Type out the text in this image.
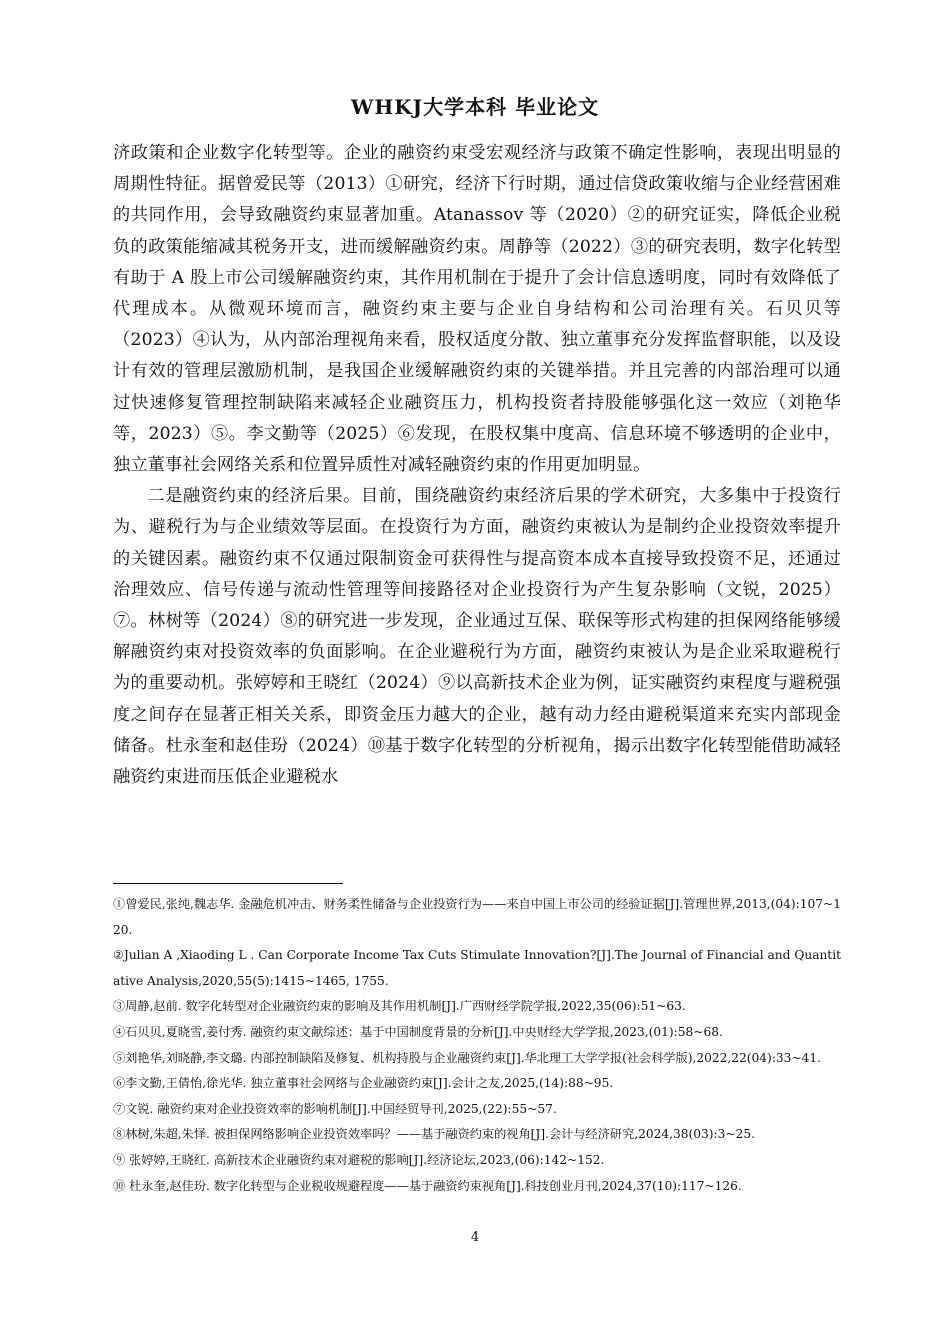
WHKJ大学本科 毕业论文

济政策和企业数字化转型等。企业的融资约束受宏观经济与政策不确定性影响，表现出明显的周期性特征。据曾爱民等（2013）①研究，经济下行时期，通过信贷政策收缩与企业经营困难的共同作用，会导致融资约束显著加重。Atanassov 等（2020）②的研究证实，降低企业税负的政策能缩减其税务开支，进而缓解融资约束。周静等（2022）③的研究表明，数字化转型有助于 A 股上市公司缓解融资约束，其作用机制在于提升了会计信息透明度，同时有效降低了代理成本。从微观环境而言，融资约束主要与企业自身结构和公司治理有关。石贝贝等（2023）④认为，从内部治理视角来看，股权适度分散、独立董事充分发挥监督职能，以及设计有效的管理层激励机制，是我国企业缓解融资约束的关键举措。并且完善的内部治理可以通过快速修复管理控制缺陷来减轻企业融资压力，机构投资者持股能够强化这一效应（刘艳华等，2023）⑤。李文勤等（2025）⑥发现，在股权集中度高、信息环境不够透明的企业中，独立董事社会网络关系和位置异质性对减轻融资约束的作用更加明显。

二是融资约束的经济后果。目前，围绕融资约束经济后果的学术研究，大多集中于投资行为、避税行为与企业绩效等层面。在投资行为方面，融资约束被认为是制约企业投资效率提升的关键因素。融资约束不仅通过限制资金可获得性与提高资本成本直接导致投资不足，还通过治理效应、信号传递与流动性管理等间接路径对企业投资行为产生复杂影响（文锐，2025）⑦。林树等（2024）⑧的研究进一步发现，企业通过互保、联保等形式构建的担保网络能够缓解融资约束对投资效率的负面影响。在企业避税行为方面，融资约束被认为是企业采取避税行为的重要动机。张婷婷和王晓红（2024）⑨以高新技术企业为例，证实融资约束程度与避税强度之间存在显著正相关关系，即资金压力越大的企业，越有动力经由避税渠道来充实内部现金储备。杜永奎和赵佳玢（2024）⑩基于数字化转型的分析视角，揭示出数字化转型能借助减轻融资约束进而压低企业避税水

①曾爱民,张纯,魏志华. 金融危机冲击、财务柔性储备与企业投资行为——来自中国上市公司的经验证据[J].管理世界,2013,(04):107~120.

②Julian A ,Xiaoding L . Can Corporate Income Tax Cuts Stimulate Innovation?[J].The Journal of Financial and Quantitative Analysis,2020,55(5):1415~1465, 1755.

③周静,赵前. 数字化转型对企业融资约束的影响及其作用机制[J].广西财经学院学报,2022,35(06):51~63.

④石贝贝,夏晓雪,姜付秀. 融资约束文献综述：基于中国制度背景的分析[J].中央财经大学学报,2023,(01):58~68.

⑤刘艳华,刘晓静,李文璐. 内部控制缺陷及修复、机构持股与企业融资约束[J].华北理工大学学报(社会科学版),2022,22(04):33~41.

⑥李文勤,王倩怡,徐光华. 独立董事社会网络与企业融资约束[J].会计之友,2025,(14):88~95.

⑦文锐. 融资约束对企业投资效率的影响机制[J].中国经贸导刊,2025,(22):55~57.

⑧林树,朱超,朱怿. 被担保网络影响企业投资效率吗？——基于融资约束的视角[J].会计与经济研究,2024,38(03):3~25.

⑨ 张婷婷,王晓红. 高新技术企业融资约束对避税的影响[J].经济论坛,2023,(06):142~152.

⑩ 杜永奎,赵佳玢. 数字化转型与企业税收规避程度——基于融资约束视角[J].科技创业月刊,2024,37(10):117~126.

4
